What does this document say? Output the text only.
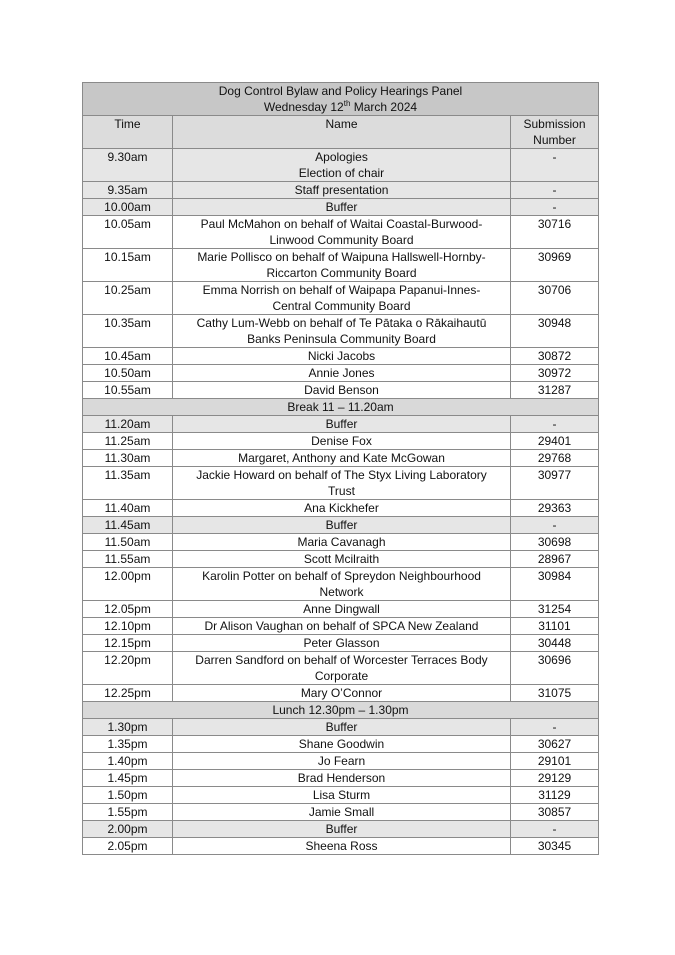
Dog Control Bylaw and Policy Hearings Panel
Wednesday 12th March 2024		
Time	Name	Submission Number
9.30am	Apologies
Election of chair	-
9.35am	Staff presentation	-
10.00am	Buffer	-
10.05am	Paul McMahon on behalf of Waitai Coastal-Burwood-
Linwood Community Board	30716
10.15am	Marie Pollisco on behalf of Waipuna Hallswell-Hornby-
Riccarton Community Board	30969
10.25am	Emma Norrish on behalf of Waipapa Papanui-Innes-
Central Community Board	30706
10.35am	Cathy Lum-Webb on behalf of Te Pātaka o Rākaihautū
Banks Peninsula Community Board	30948
10.45am	Nicki Jacobs	30872
10.50am	Annie Jones	30972
10.55am	David Benson	31287
Break 11 – 11.20am		
11.20am	Buffer	-
11.25am	Denise Fox	29401
11.30am	Margaret, Anthony and Kate McGowan	29768
11.35am	Jackie Howard on behalf of The Styx Living Laboratory
Trust	30977
11.40am	Ana Kickhefer	29363
11.45am	Buffer	-
11.50am	Maria Cavanagh	30698
11.55am	Scott Mcilraith	28967
12.00pm	Karolin Potter on behalf of Spreydon Neighbourhood
Network	30984
12.05pm	Anne Dingwall	31254
12.10pm	Dr Alison Vaughan on behalf of SPCA New Zealand	31101
12.15pm	Peter Glasson	30448
12.20pm	Darren Sandford on behalf of Worcester Terraces Body
Corporate	30696
12.25pm	Mary O’Connor	31075
Lunch 12.30pm – 1.30pm		
1.30pm	Buffer	-
1.35pm	Shane Goodwin	30627
1.40pm	Jo Fearn	29101
1.45pm	Brad Henderson	29129
1.50pm	Lisa Sturm	31129
1.55pm	Jamie Small	30857
2.00pm	Buffer	-
2.05pm	Sheena Ross	30345
